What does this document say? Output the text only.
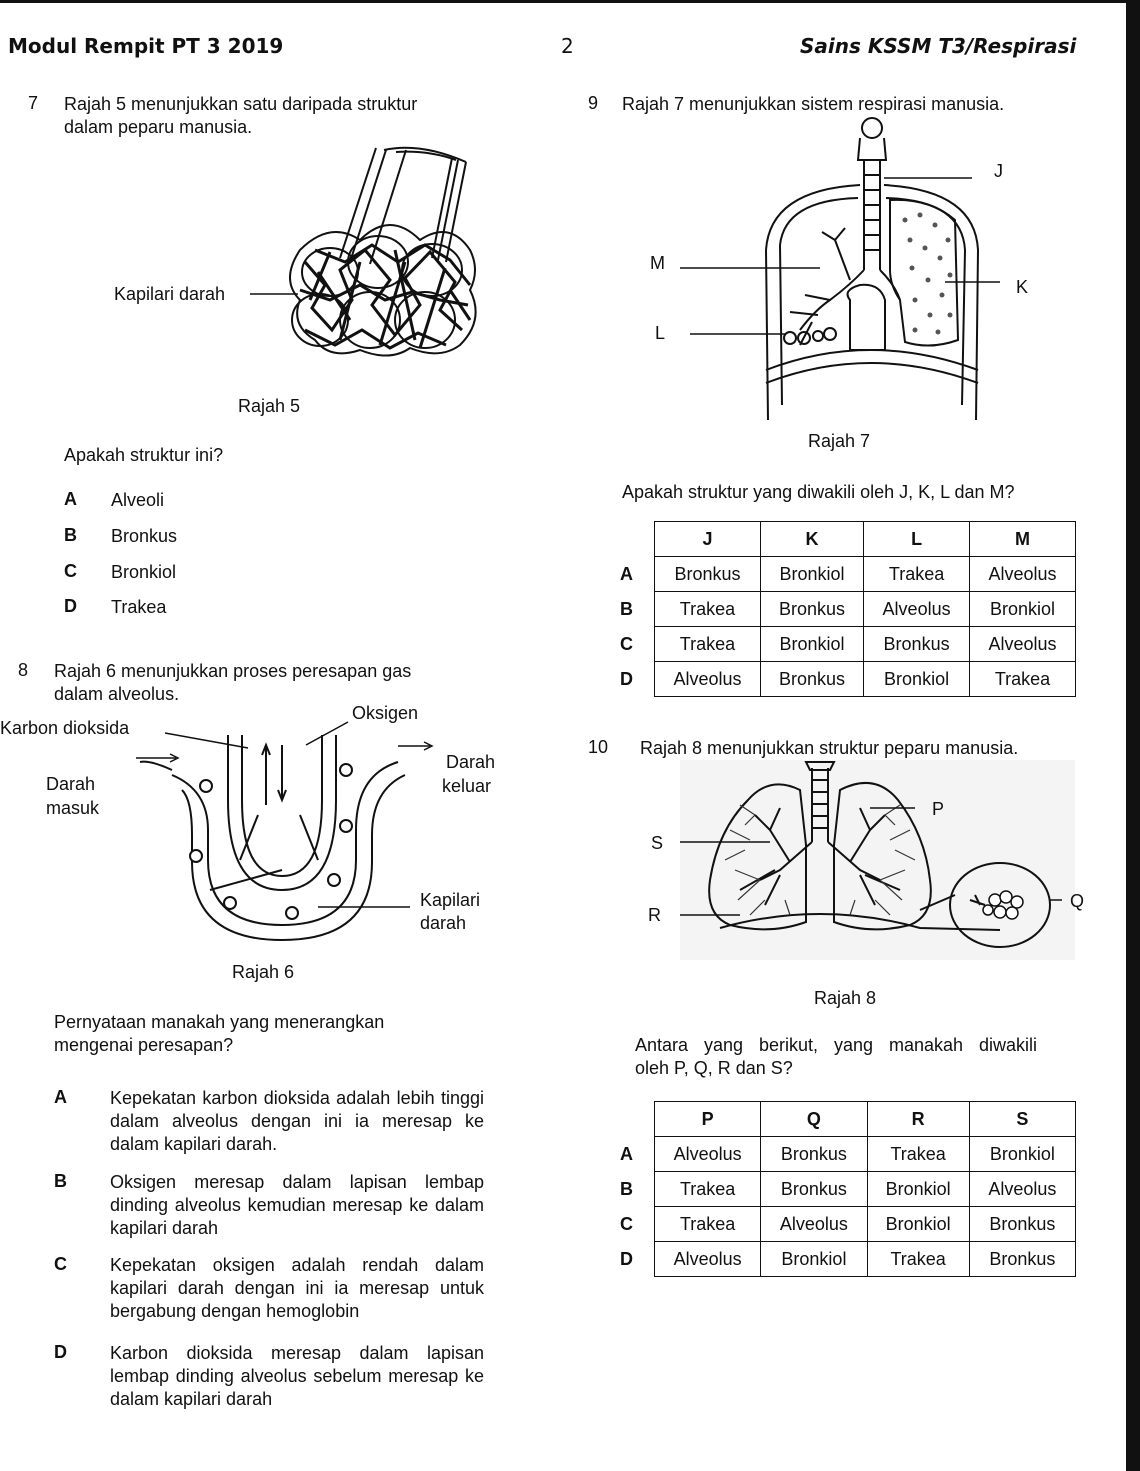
Modul Rempit PT 3 2019	2	Sains KSSM T3/Respirasi
7 Rajah 5 menunjukkan satu daripada struktur
dalam peparu manusia.
Kapilari darah
Rajah 5
Apakah struktur ini?
A Alveoli
B Bronkus
C Bronkiol
D Trakea
8 Rajah 6 menunjukkan proses peresapan gas
dalam alveolus.
Oksigen
Karbon dioksida
Darah
keluar
Darah
masuk
Kapilari
darah
Rajah 6
Pernyataan manakah yang menerangkan
mengenai peresapan?
A Kepekatan karbon dioksida adalah lebih tinggi dalam alveolus dengan ini ia meresap ke dalam kapilari darah.
B Oksigen meresap dalam lapisan lembap dinding alveolus kemudian meresap ke dalam kapilari darah
C Kepekatan oksigen adalah rendah dalam kapilari darah dengan ini ia meresap untuk bergabung dengan hemoglobin
D Karbon dioksida meresap dalam lapisan lembap dinding alveolus sebelum meresap ke dalam kapilari darah
9 Rajah 7 menunjukkan sistem respirasi manusia.
J
M
K
L
Rajah 7
Apakah struktur yang diwakili oleh J, K, L dan M?
	J	K	L	M
A	Bronkus	Bronkiol	Trakea	Alveolus
B	Trakea	Bronkus	Alveolus	Bronkiol
C	Trakea	Bronkiol	Bronkus	Alveolus
D	Alveolus	Bronkus	Bronkiol	Trakea
10 Rajah 8 menunjukkan struktur peparu manusia.
P
S
Q
R
Rajah 8
Antara yang berikut, yang manakah diwakili
oleh P, Q, R dan S?
	P	Q	R	S
A	Alveolus	Bronkus	Trakea	Bronkiol
B	Trakea	Bronkus	Bronkiol	Alveolus
C	Trakea	Alveolus	Bronkiol	Bronkus
D	Alveolus	Bronkiol	Trakea	Bronkus
